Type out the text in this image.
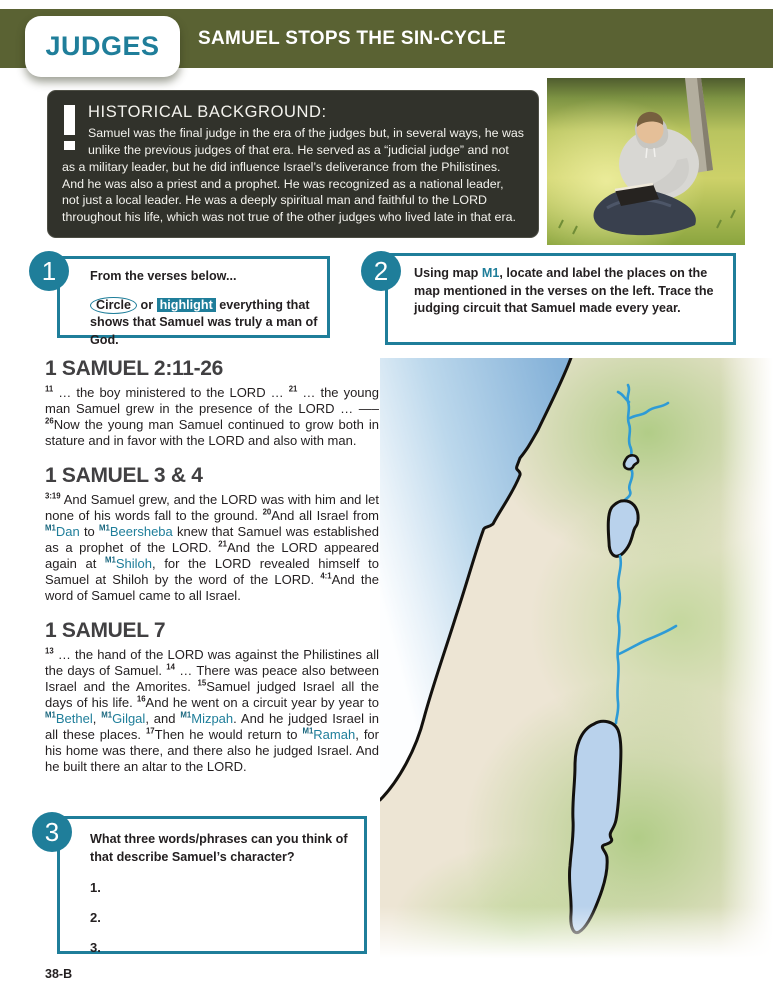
JUDGES SAMUEL STOPS THE SIN-CYCLE
HISTORICAL BACKGROUND:

Samuel was the final judge in the era of the judges but, in several ways, he was unlike the previous judges of that era. He served as a “judicial judge” and not as a military leader, but he did influence Israel’s deliverance from the Philistines. And he was also a priest and a prophet. He was recognized as a national leader, not just a local leader. He was a deeply spiritual man and faithful to the LORD throughout his life, which was not true of the other judges who lived late in that era.

1	From the verses below...
Circle or highlight everything that shows that Samuel was truly a man of God.
2	Using map M1, locate and label the places on the map mentioned in the verses on the left. Trace the judging circuit that Samuel made every year.
1 SAMUEL 2:11-26

$^{11}$ … the boy ministered to the LORD … $^{21}$ … the young man Samuel grew in the presence of the LORD … —– $^{26}$Now the young man Samuel continued to grow both in stature and in favor with the LORD and also with man.

1 SAMUEL 3 & 4

$^{3:19}$ And Samuel grew, and the LORD was with him and let none of his words fall to the ground. $^{20}$And all Israel from $^{M1}$Dan to $^{M1}$Beersheba knew that Samuel was established as a prophet of the LORD. $^{21}$And the LORD appeared again at $^{M1}$Shiloh, for the LORD revealed himself to Samuel at Shiloh by the word of the LORD. $^{4:1}$And the word of Samuel came to all Israel.

1 SAMUEL 7

$^{13}$ … the hand of the LORD was against the Philistines all the days of Samuel. $^{14}$ … There was peace also between Israel and the Amorites. $^{15}$Samuel judged Israel all the days of his life. $^{16}$And he went on a circuit year by year to $^{M1}$Bethel, $^{M1}$Gilgal, and $^{M1}$Mizpah. And he judged Israel in all these places. $^{17}$Then he would return to $^{M1}$Ramah, for his home was there, and there also he judged Israel. And he built there an altar to the LORD.

3	What three words/phrases can you think of that describe Samuel’s character?
1.
2.
3.
38-B
